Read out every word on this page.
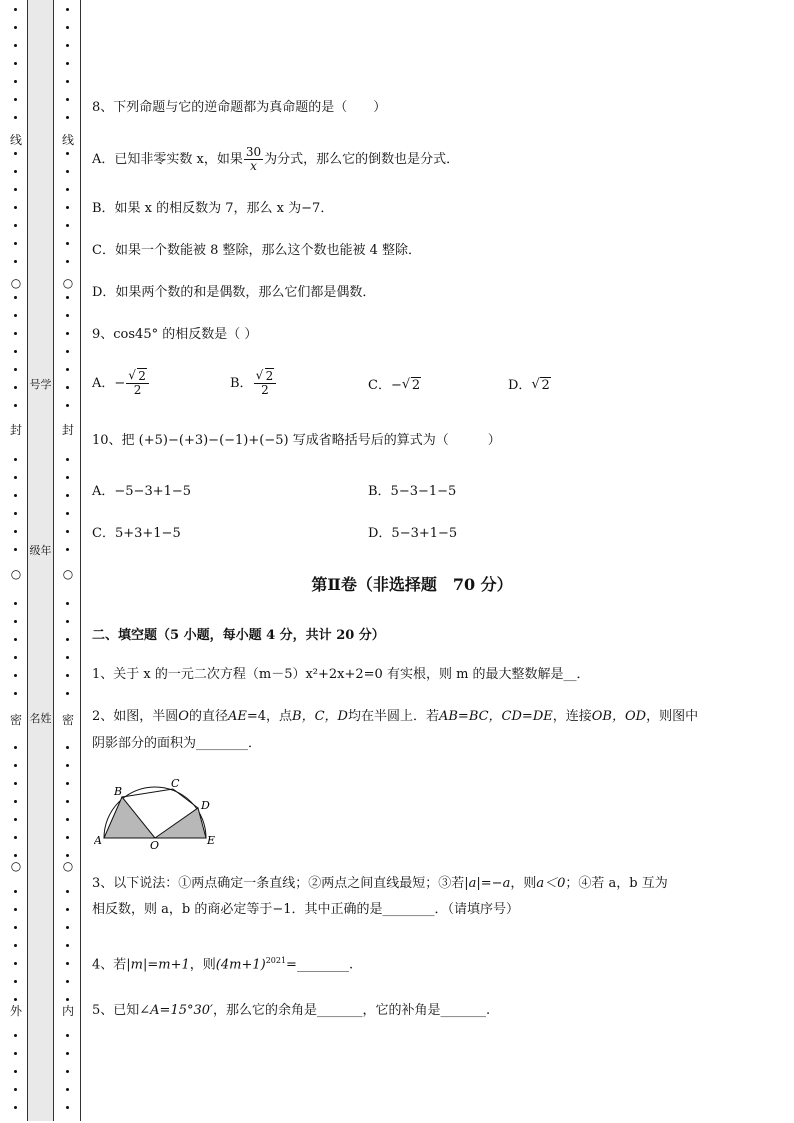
线
○
封
○
密
○
外
号学
级年
名姓
线
○
封
○
密
○
内
8、下列命题与它的逆命题都为真命题的是（　　）
A．已知非零实数 x，如果 $\frac{30}{x}$ 为分式，那么它的倒数也是分式．
B．如果 x 的相反数为 7，那么 x 为−7．
C．如果一个数能被 8 整除，那么这个数也能被 4 整除．
D．如果两个数的和是偶数，那么它们都是偶数．
9、cos45° 的相反数是（ ）
A．− √ $\frac{2}{2}$	B． √ $\frac{2}{2}$	C．− √ 2	D． √ 2
10、把 (+5)−(+3)−(−1)+(−5) 写成省略括号后的算式为（　　　）
A．−5−3+1−5	B．5−3−1−5
C．5+3+1−5	D．5−3+1−5
第Ⅱ卷（非选择题　70 分）
二、填空题（5 小题，每小题 4 分，共计 20 分）
1、关于 x 的一元二次方程（m－5）x²+2x+2=0 有实根，则 m 的最大整数解是__．
2、如图，半圆O的直径AE=4，点B，C，D均在半圆上．若AB=BC，CD=DE，连接OB，OD，则图中
阴影部分的面积为________．
3、以下说法：①两点确定一条直线；②两点之间直线最短；③若|a|=−a，则a＜0；④若 a，b 互为
相反数，则 a，b 的商必定等于−1．其中正确的是________．（请填序号）
4、若|m|=m+1，则$(4m+1)^{2021}=\_\_\_\_\_\_\_\_$.
5、已知∠A=15°30′，那么它的余角是_______，它的补角是_______.
A
B
C
D
E
O
